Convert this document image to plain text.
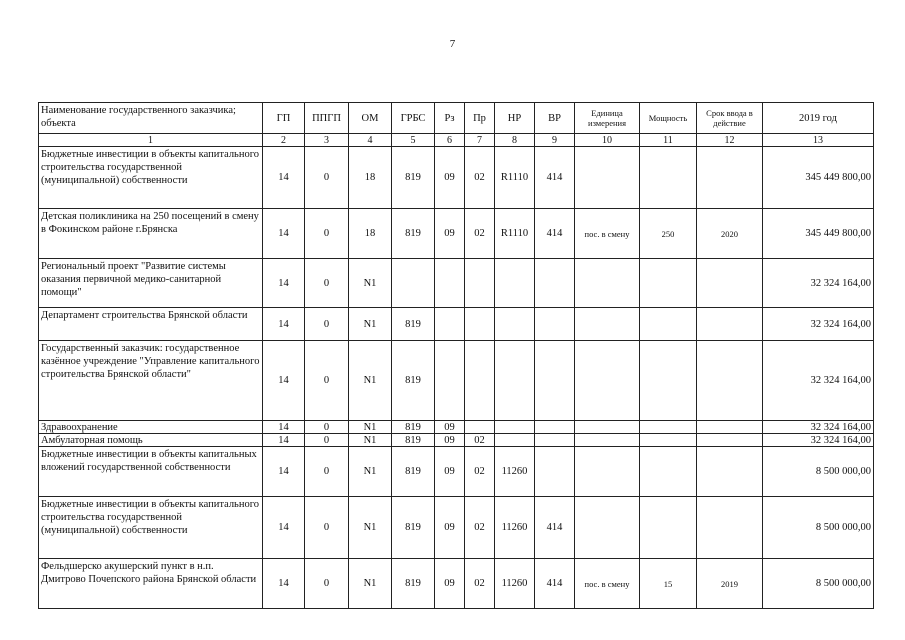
7
Наименование государственного заказчика; объекта	ГП	ППГП	ОМ	ГРБС	Рз	Пр	НР	ВР	Единица измерения	Мощность	Срок ввода в действие	2019 год
1	2	3	4	5	6	7	8	9	10	11	12	13
Бюджетные инвестиции в объекты капитального строительства государственной (муниципальной) собственности	14	0	18	819	09	02	R1110	414				345 449 800,00
Детская поликлиника на 250 посещений в смену в Фокинском районе г.Брянска	14	0	18	819	09	02	R1110	414	пос. в смену	250	2020	345 449 800,00
Региональный проект "Развитие системы оказания первичной медико-санитарной помощи"	14	0	N1									32 324 164,00
Департамент строительства Брянской области	14	0	N1	819								32 324 164,00
Государственный заказчик: государственное казённое учреждение "Управление капитального строительства Брянской области"	14	0	N1	819								32 324 164,00
Здравоохранение	14	0	N1	819	09							32 324 164,00
Амбулаторная помощь	14	0	N1	819	09	02						32 324 164,00
Бюджетные инвестиции в объекты капитальных вложений государственной собственности	14	0	N1	819	09	02	11260					8 500 000,00
Бюджетные инвестиции в объекты капитального строительства государственной (муниципальной) собственности	14	0	N1	819	09	02	11260	414				8 500 000,00
Фельдшерско акушерский пункт в н.п. Дмитрово Почепского района Брянской области	14	0	N1	819	09	02	11260	414	пос. в смену	15	2019	8 500 000,00
